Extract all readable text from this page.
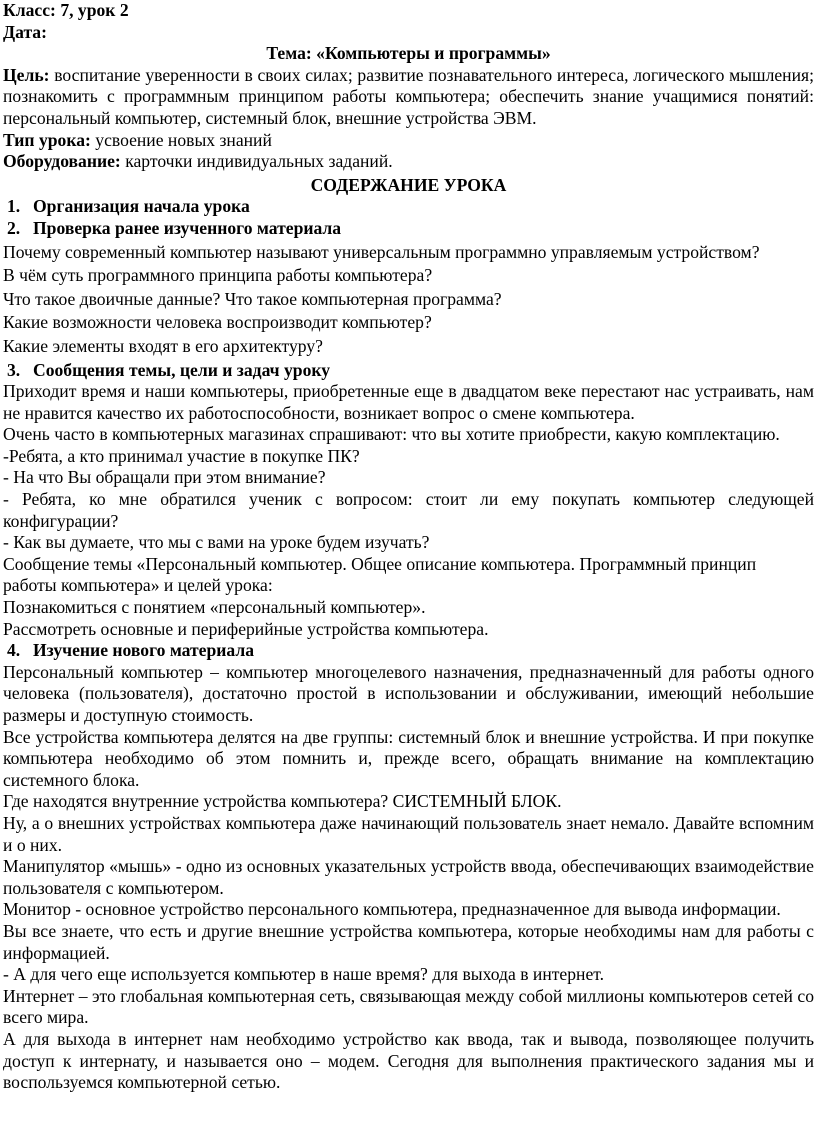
Класс: 7, урок 2

Дата:

Тема: «Компьютеры и программы»

Цель: воспитание уверенности в своих силах; развитие познавательного интереса, логического мышления; познакомить с программным принципом работы компьютера; обеспечить знание учащимися понятий: персональный компьютер, системный блок, внешние устройства ЭВМ.

Тип урока: усвоение новых знаний

Оборудование: карточки индивидуальных заданий.

СОДЕРЖАНИЕ УРОКА

1. Организация начала урока

2. Проверка ранее изученного материала

Почему современный компьютер называют универсальным программно управляемым устройством?

В чём суть программного принципа работы компьютера?

Что такое двоичные данные? Что такое компьютерная программа?

Какие возможности человека воспроизводит компьютер?

Какие элементы входят в его архитектуру?

3. Сообщения темы, цели и задач уроку

Приходит время и наши компьютеры, приобретенные еще в двадцатом веке перестают нас устраивать, нам не нравится качество их работоспособности, возникает вопрос о смене компьютера.

Очень часто в компьютерных магазинах спрашивают: что вы хотите приобрести, какую комплектацию.

-Ребята, а кто принимал участие в покупке ПК?

- На что Вы обращали при этом внимание?

- Ребята, ко мне обратился ученик с вопросом: стоит ли ему покупать компьютер следующей конфигурации?

- Как вы думаете, что мы с вами на уроке будем изучать?

Сообщение темы «Персональный компьютер. Общее описание компьютера. Программный принцип работы компьютера» и целей урока:

Познакомиться с понятием «персональный компьютер».

Рассмотреть основные и периферийные устройства компьютера.

4. Изучение нового материала

Персональный компьютер – компьютер многоцелевого назначения, предназначенный для работы одного человека (пользователя), достаточно простой в использовании и обслуживании, имеющий небольшие размеры и доступную стоимость.

Все устройства компьютера делятся на две группы: системный блок и внешние устройства. И при покупке компьютера необходимо об этом помнить и, прежде всего, обращать внимание на комплектацию системного блока.

Где находятся внутренние устройства компьютера? СИСТЕМНЫЙ БЛОК.

Ну, а о внешних устройствах компьютера даже начинающий пользователь знает немало. Давайте вспомним и о них.

Манипулятор «мышь» - одно из основных указательных устройств ввода, обеспечивающих взаимодействие пользователя с компьютером.

Монитор - основное устройство персонального компьютера, предназначенное для вывода информации.

Вы все знаете, что есть и другие внешние устройства компьютера, которые необходимы нам для работы с информацией.

- А для чего еще используется компьютер в наше время? для выхода в интернет.

Интернет – это глобальная компьютерная сеть, связывающая между собой миллионы компьютеров сетей со всего мира.

А для выхода в интернет нам необходимо устройство как ввода, так и вывода, позволяющее получить доступ к интернату, и называется оно – модем. Сегодня для выполнения практического задания мы и воспользуемся компьютерной сетью.
